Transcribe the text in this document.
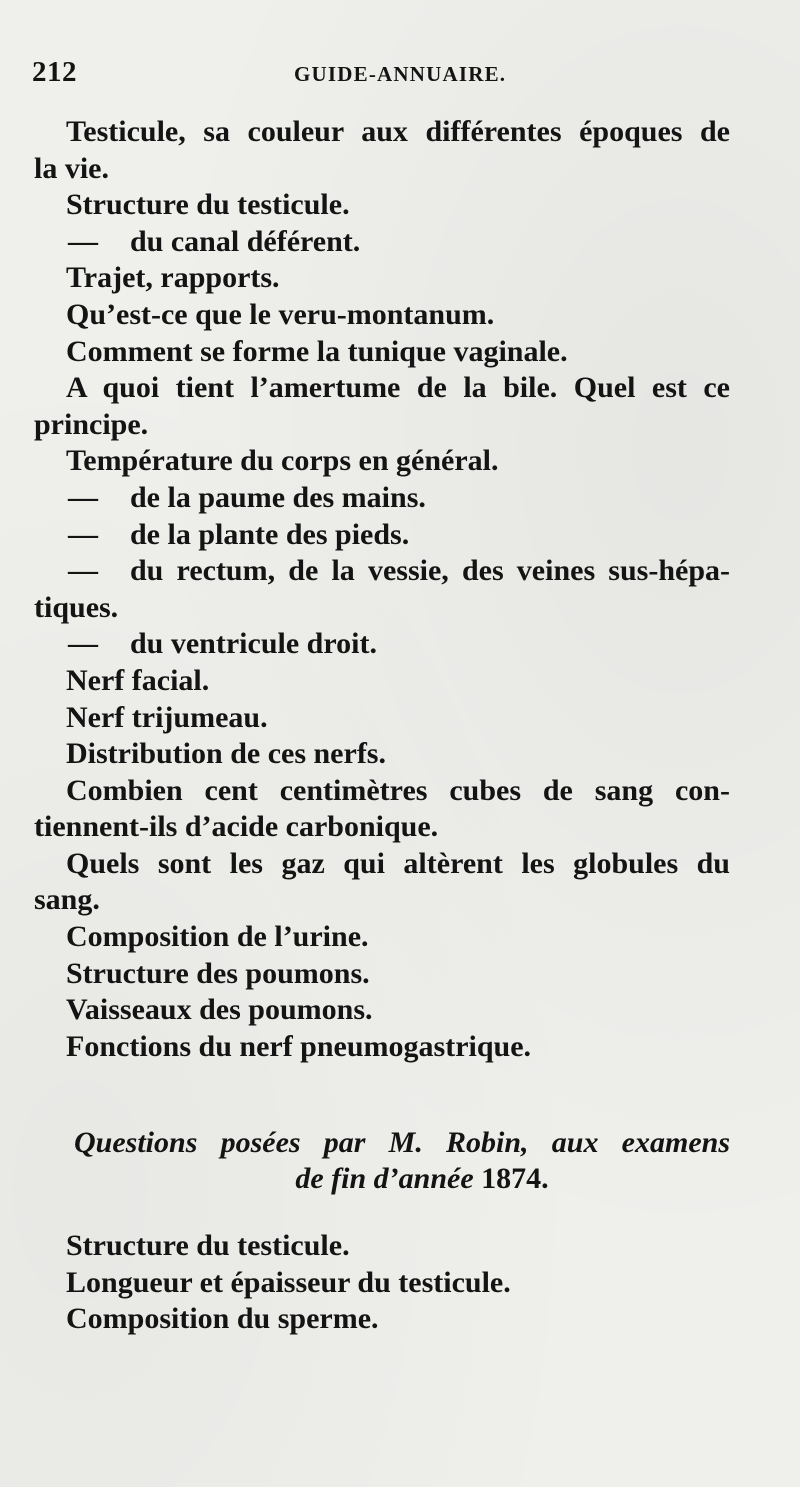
212	GUIDE-ANNUAIRE.
Testicule, sa couleur aux différentes époques de
la vie.
Structure du testicule.
— du canal déférent.
Trajet, rapports.
Qu’est-ce que le veru-montanum.
Comment se forme la tunique vaginale.
A quoi tient l’amertume de la bile. Quel est ce
principe.
Température du corps en général.
— de la paume des mains.
— de la plante des pieds.
—	du rectum, de la vessie, des veines sus-hépa-
tiques.
— du ventricule droit.
Nerf facial.
Nerf trijumeau.
Distribution de ces nerfs.
Combien cent centimètres cubes de sang con-
tiennent-ils d’acide carbonique.
Quels sont les gaz qui altèrent les globules du
sang.
Composition de l’urine.
Structure des poumons.
Vaisseaux des poumons.
Fonctions du nerf pneumogastrique.
Questions posées par M. Robin, aux examens
de fin d’année 1874.
Structure du testicule.
Longueur et épaisseur du testicule.
Composition du sperme.
